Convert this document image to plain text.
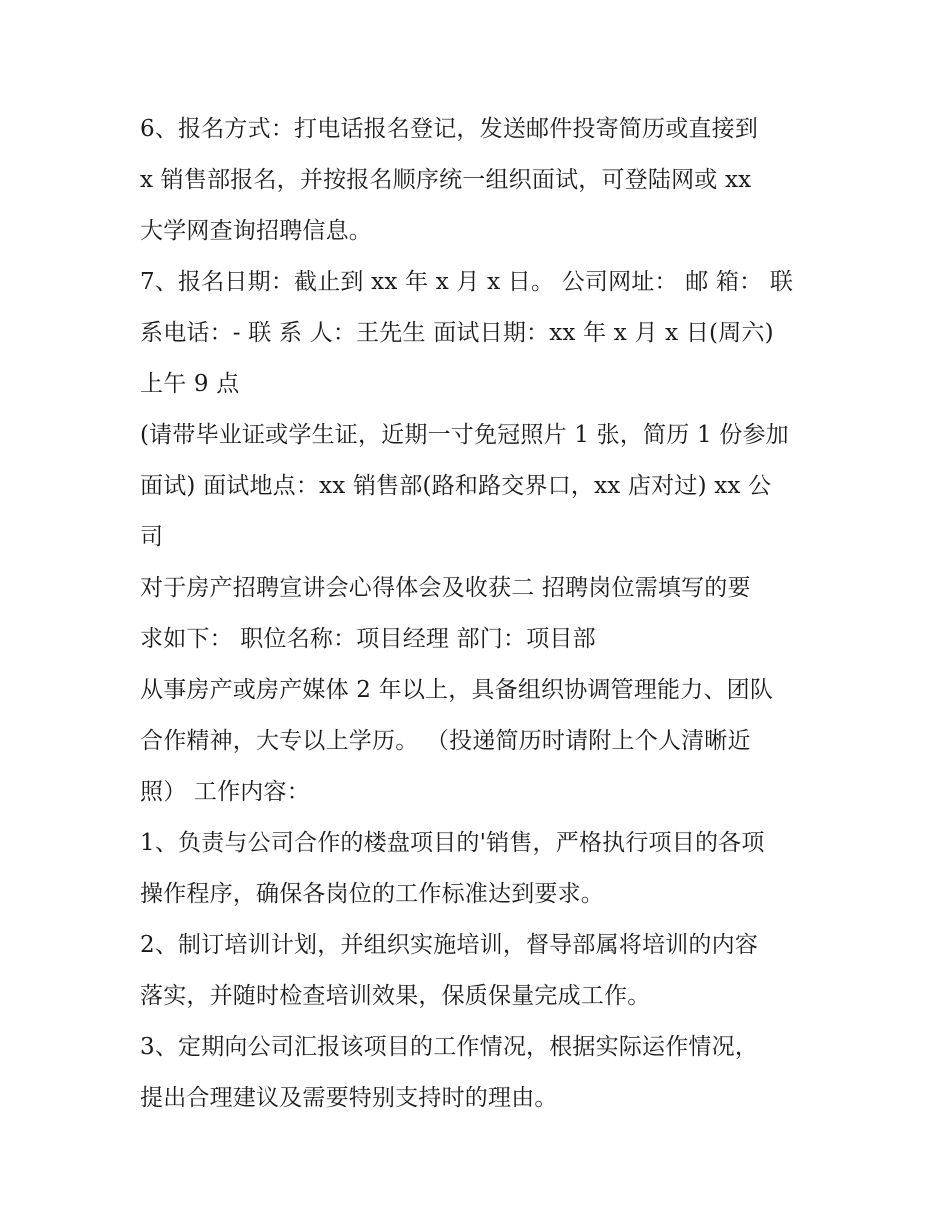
6、报名方式：打电话报名登记，发送邮件投寄简历或直接到
x 销售部报名，并按报名顺序统一组织面试，可登陆网或 xx
大学网查询招聘信息。
7、报名日期：截止到 xx 年 x 月 x 日。 公司网址： 邮 箱： 联
系电话：- 联 系 人：王先生 面试日期：xx 年 x 月 x 日(周六)
上午 9 点
(请带毕业证或学生证，近期一寸免冠照片 1 张，简历 1 份参加
面试) 面试地点：xx 销售部(路和路交界口，xx 店对过) xx 公
司
对于房产招聘宣讲会心得体会及收获二 招聘岗位需填写的要
求如下： 职位名称：项目经理 部门：项目部
从事房产或房产媒体 2 年以上，具备组织协调管理能力、团队
合作精神，大专以上学历。 （投递简历时请附上个人清晰近
照） 工作内容：
1、负责与公司合作的楼盘项目的'销售，严格执行项目的各项
操作程序，确保各岗位的工作标准达到要求。
2、制订培训计划，并组织实施培训，督导部属将培训的内容
落实，并随时检查培训效果，保质保量完成工作。
3、定期向公司汇报该项目的工作情况，根据实际运作情况，
提出合理建议及需要特别支持时的理由。
